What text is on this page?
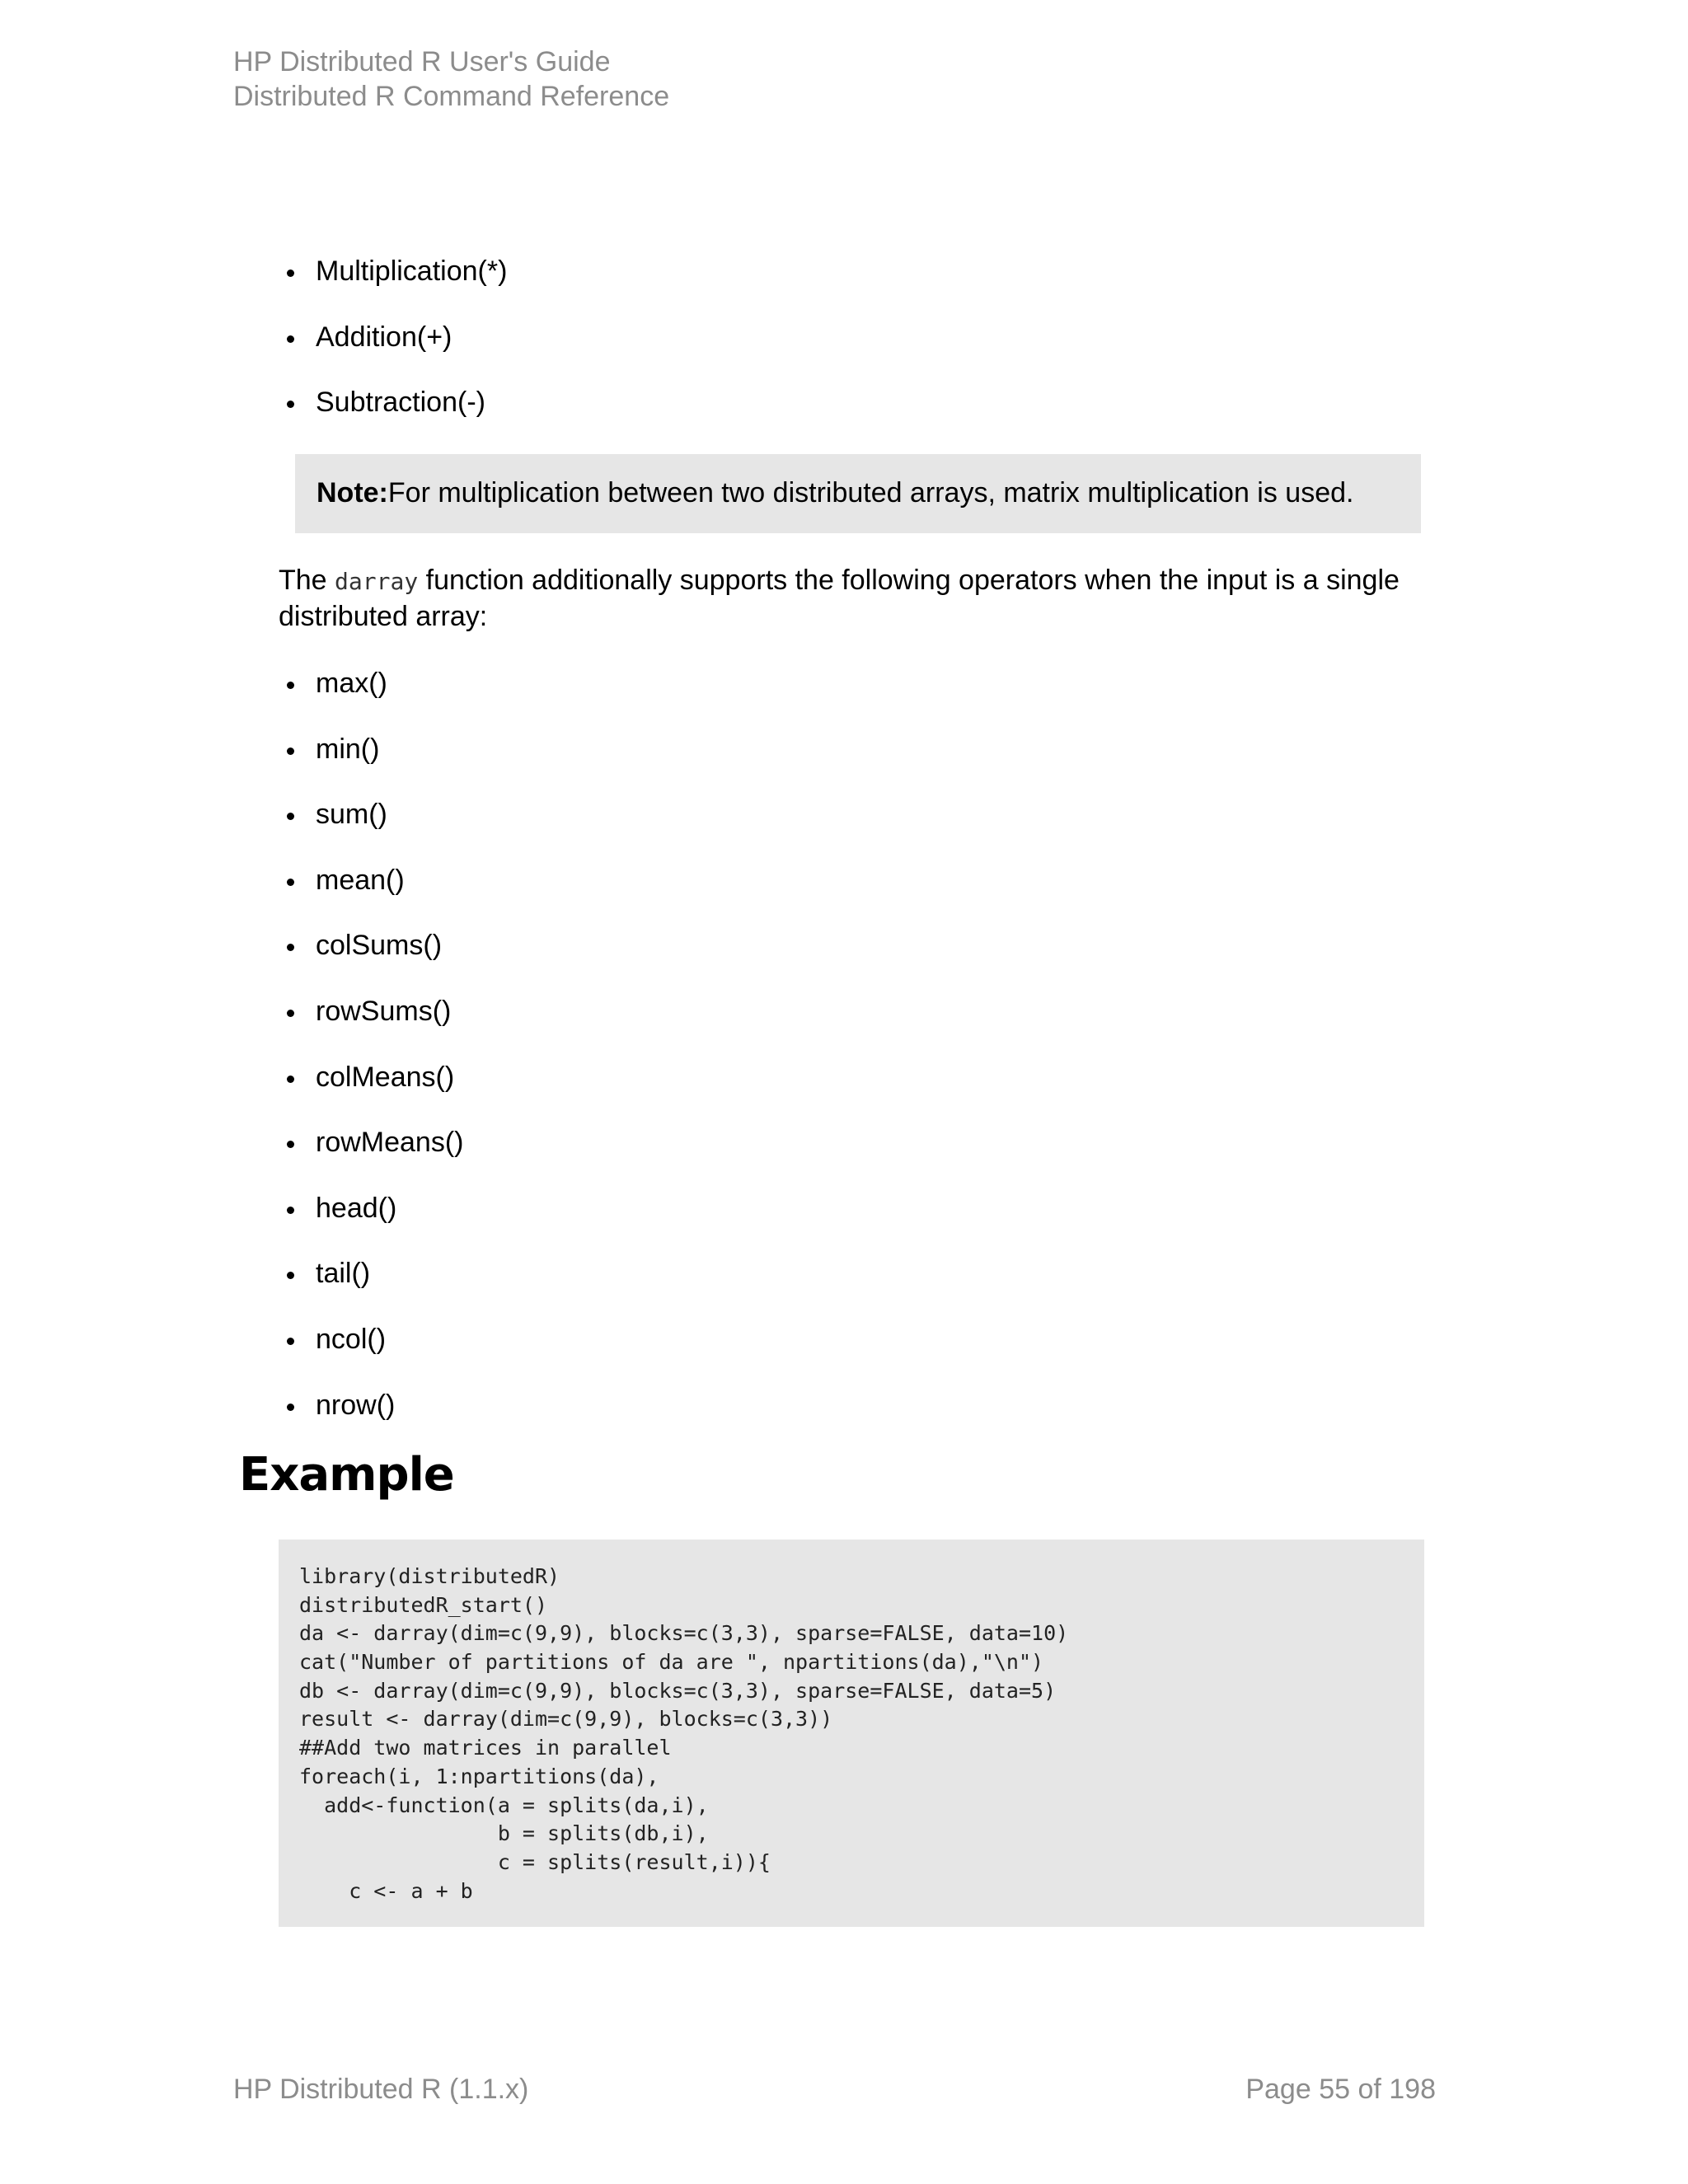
HP Distributed R User's Guide
Distributed R Command Reference
Multiplication(*)
Addition(+)
Subtraction(-)
Note:For multiplication between two distributed arrays, matrix multiplication is used.
The darray function additionally supports the following operators when the input is a single distributed array:
max()
min()
sum()
mean()
colSums()
rowSums()
colMeans()
rowMeans()
head()
tail()
ncol()
nrow()
Example
library(distributedR)
distributedR_start()
da <- darray(dim=c(9,9), blocks=c(3,3), sparse=FALSE, data=10)
cat("Number of partitions of da are ", npartitions(da),"\n")
db <- darray(dim=c(9,9), blocks=c(3,3), sparse=FALSE, data=5)
result <- darray(dim=c(9,9), blocks=c(3,3))
##Add two matrices in parallel
foreach(i, 1:npartitions(da),
add<-function(a = splits(da,i),
b = splits(db,i),
c = splits(result,i)){
c <- a + b
HP Distributed R (1.1.x)	Page 55 of 198
